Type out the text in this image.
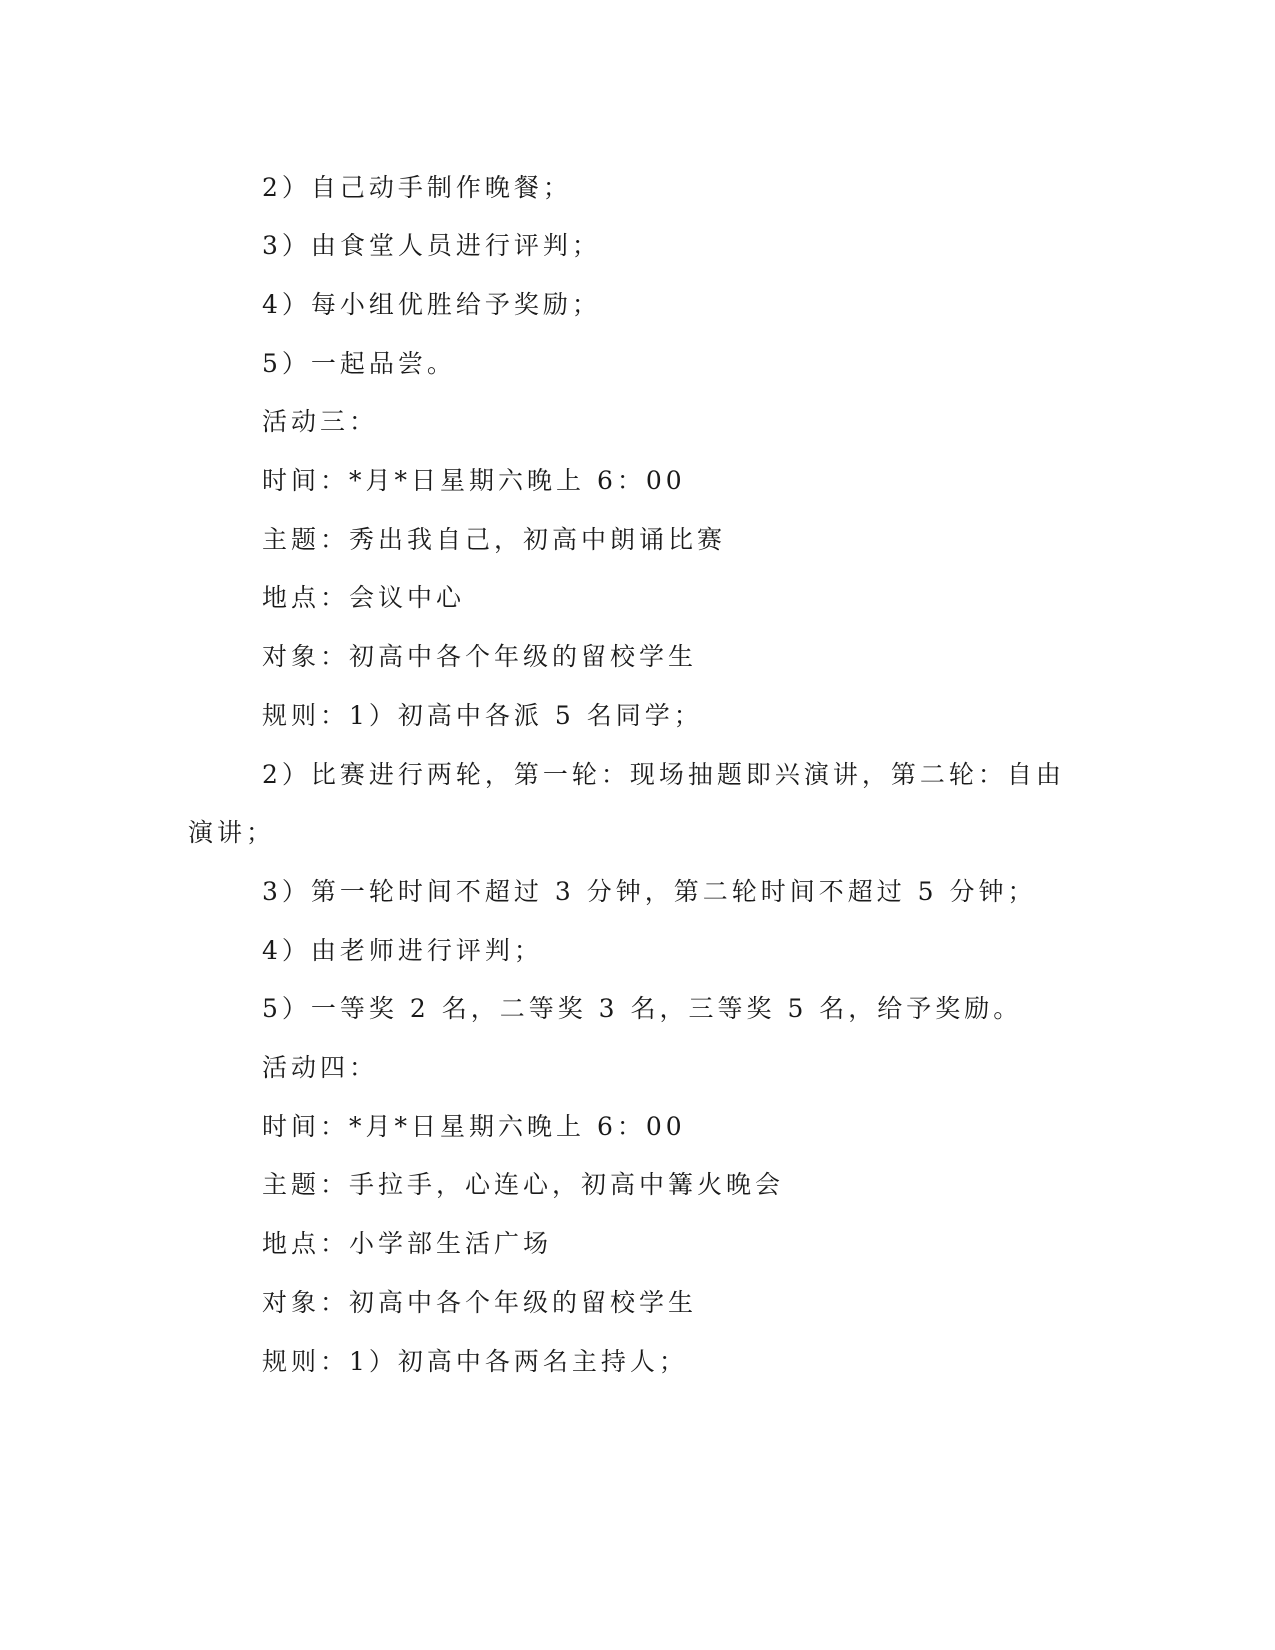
2）自己动手制作晚餐；
3）由食堂人员进行评判；
4）每小组优胜给予奖励；
5）一起品尝。
活动三：
时间：*月*日星期六晚上 6：00
主题：秀出我自己，初高中朗诵比赛
地点：会议中心
对象：初高中各个年级的留校学生
规则：1）初高中各派 5 名同学；
2）比赛进行两轮，第一轮：现场抽题即兴演讲，第二轮：自由
演讲；
3）第一轮时间不超过 3 分钟，第二轮时间不超过 5 分钟；
4）由老师进行评判；
5）一等奖 2 名，二等奖 3 名，三等奖 5 名，给予奖励。
活动四：
时间：*月*日星期六晚上 6：00
主题：手拉手，心连心，初高中篝火晚会
地点：小学部生活广场
对象：初高中各个年级的留校学生
规则：1）初高中各两名主持人；
